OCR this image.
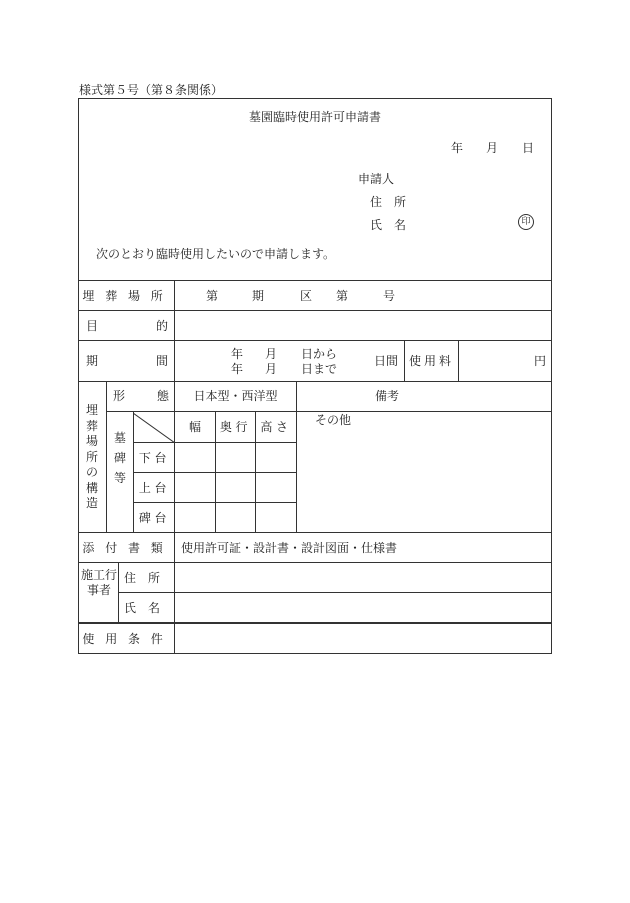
様式第５号（第８条関係）
墓園臨時使用許可申請書
年 月 日
申請人
住　所
氏　名	印
次のとおり臨時使用したいので申請します。
埋葬場所	第	期	区 第	号
目的
期間	年 月 日から
年 月 日まで
日間 使用料	円
埋葬場所の構造
形態	日本型・西洋型	備考
その他
墓碑等
幅	奥行 高さ
下台
上台
碑台
添付書類 使用許可証・設計書・設計図面・仕様書
施工行事者
住　所
氏　名
使用条件
